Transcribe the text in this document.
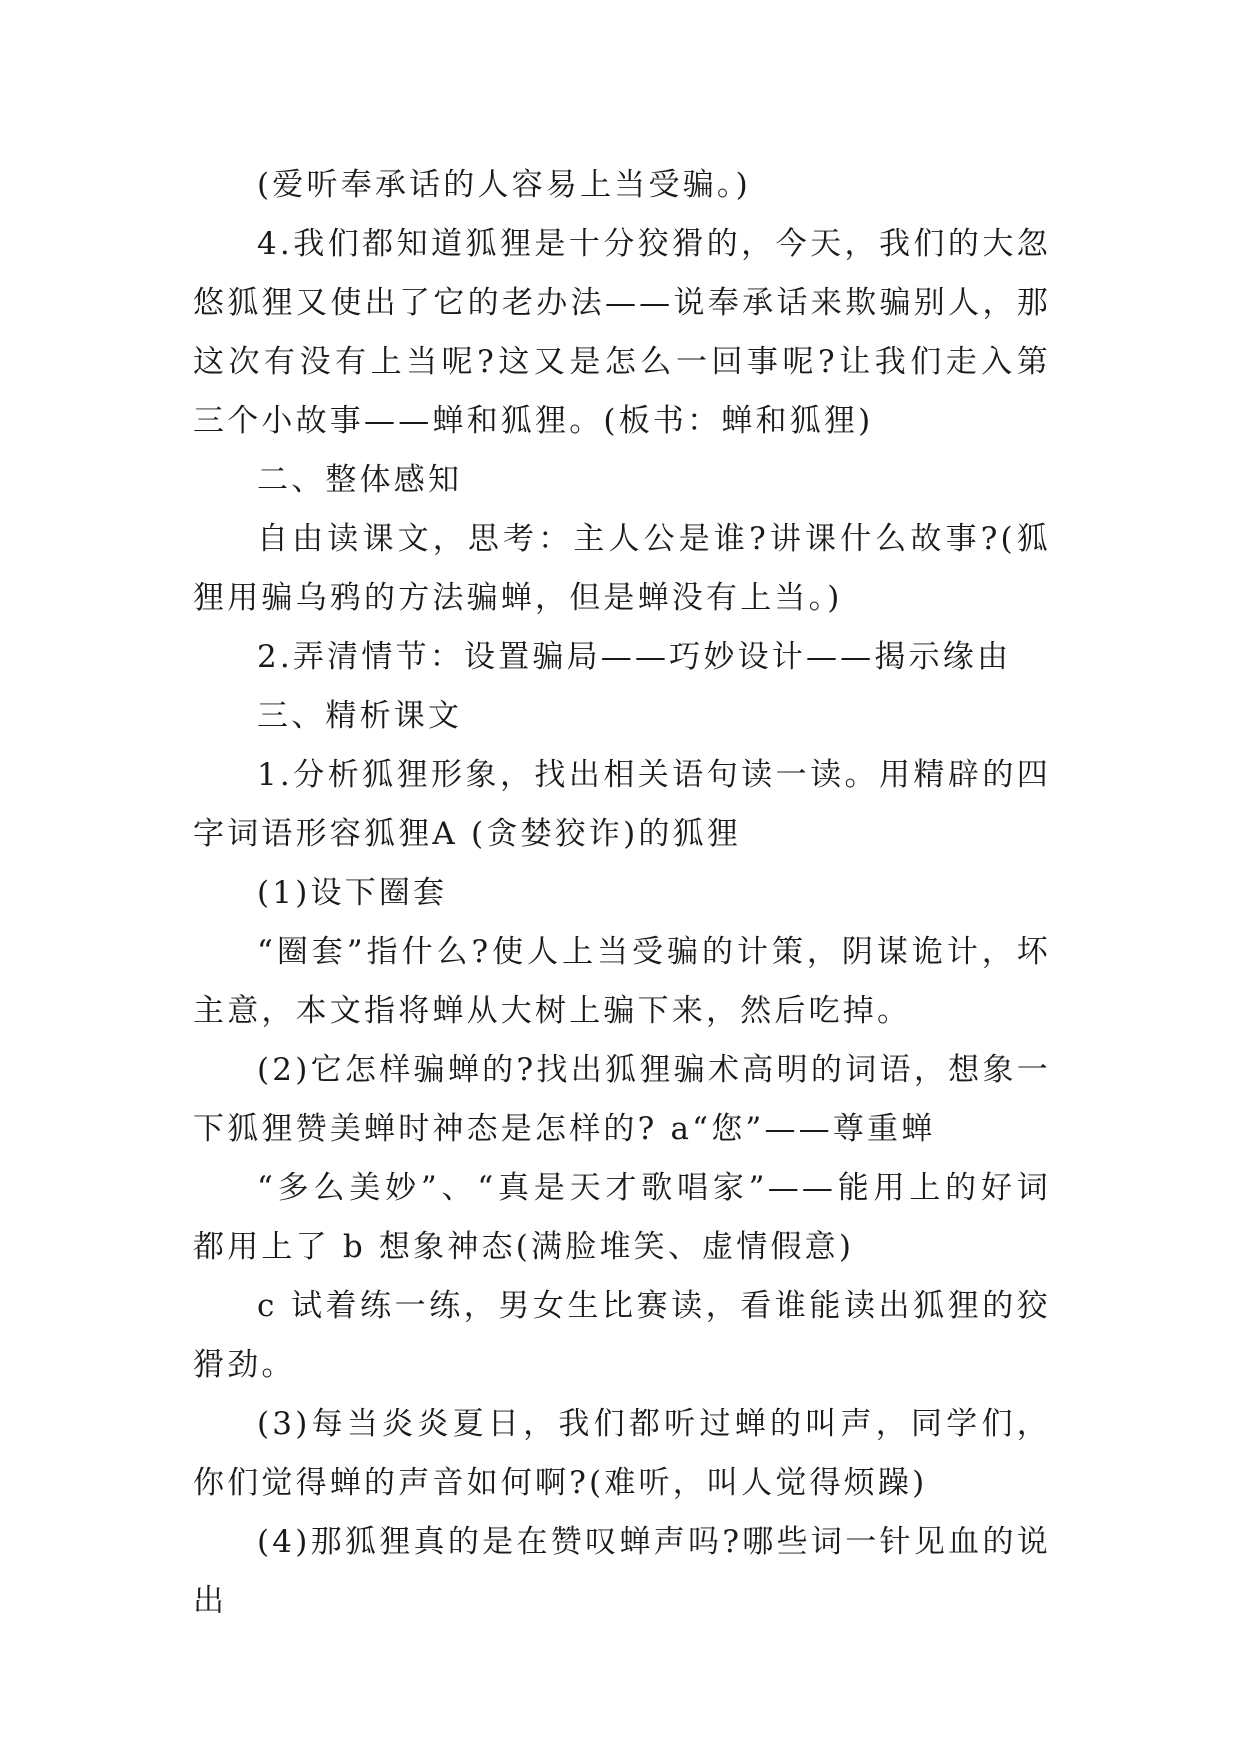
(爱听奉承话的人容易上当受骗。)

4.我们都知道狐狸是十分狡猾的，今天，我们的大忽悠狐狸又使出了它的老办法——说奉承话来欺骗别人，那这次有没有上当呢?这又是怎么一回事呢?让我们走入第三个小故事——蝉和狐狸。(板书：蝉和狐狸)

二、整体感知

自由读课文，思考：主人公是谁?讲课什么故事?(狐狸用骗乌鸦的方法骗蝉，但是蝉没有上当。)

2.弄清情节：设置骗局——巧妙设计——揭示缘由

三、精析课文

1.分析狐狸形象，找出相关语句读一读。用精辟的四字词语形容狐狸A (贪婪狡诈)的狐狸

(1)设下圈套

“圈套”指什么?使人上当受骗的计策，阴谋诡计，坏主意，本文指将蝉从大树上骗下来，然后吃掉。

(2)它怎样骗蝉的?找出狐狸骗术高明的词语，想象一下狐狸赞美蝉时神态是怎样的? a“您”——尊重蝉

“多么美妙”、“真是天才歌唱家”——能用上的好词都用上了 b 想象神态(满脸堆笑、虚情假意)

c 试着练一练，男女生比赛读，看谁能读出狐狸的狡猾劲。

(3)每当炎炎夏日，我们都听过蝉的叫声，同学们，你们觉得蝉的声音如何啊?(难听，叫人觉得烦躁)

(4)那狐狸真的是在赞叹蝉声吗?哪些词一针见血的说出
